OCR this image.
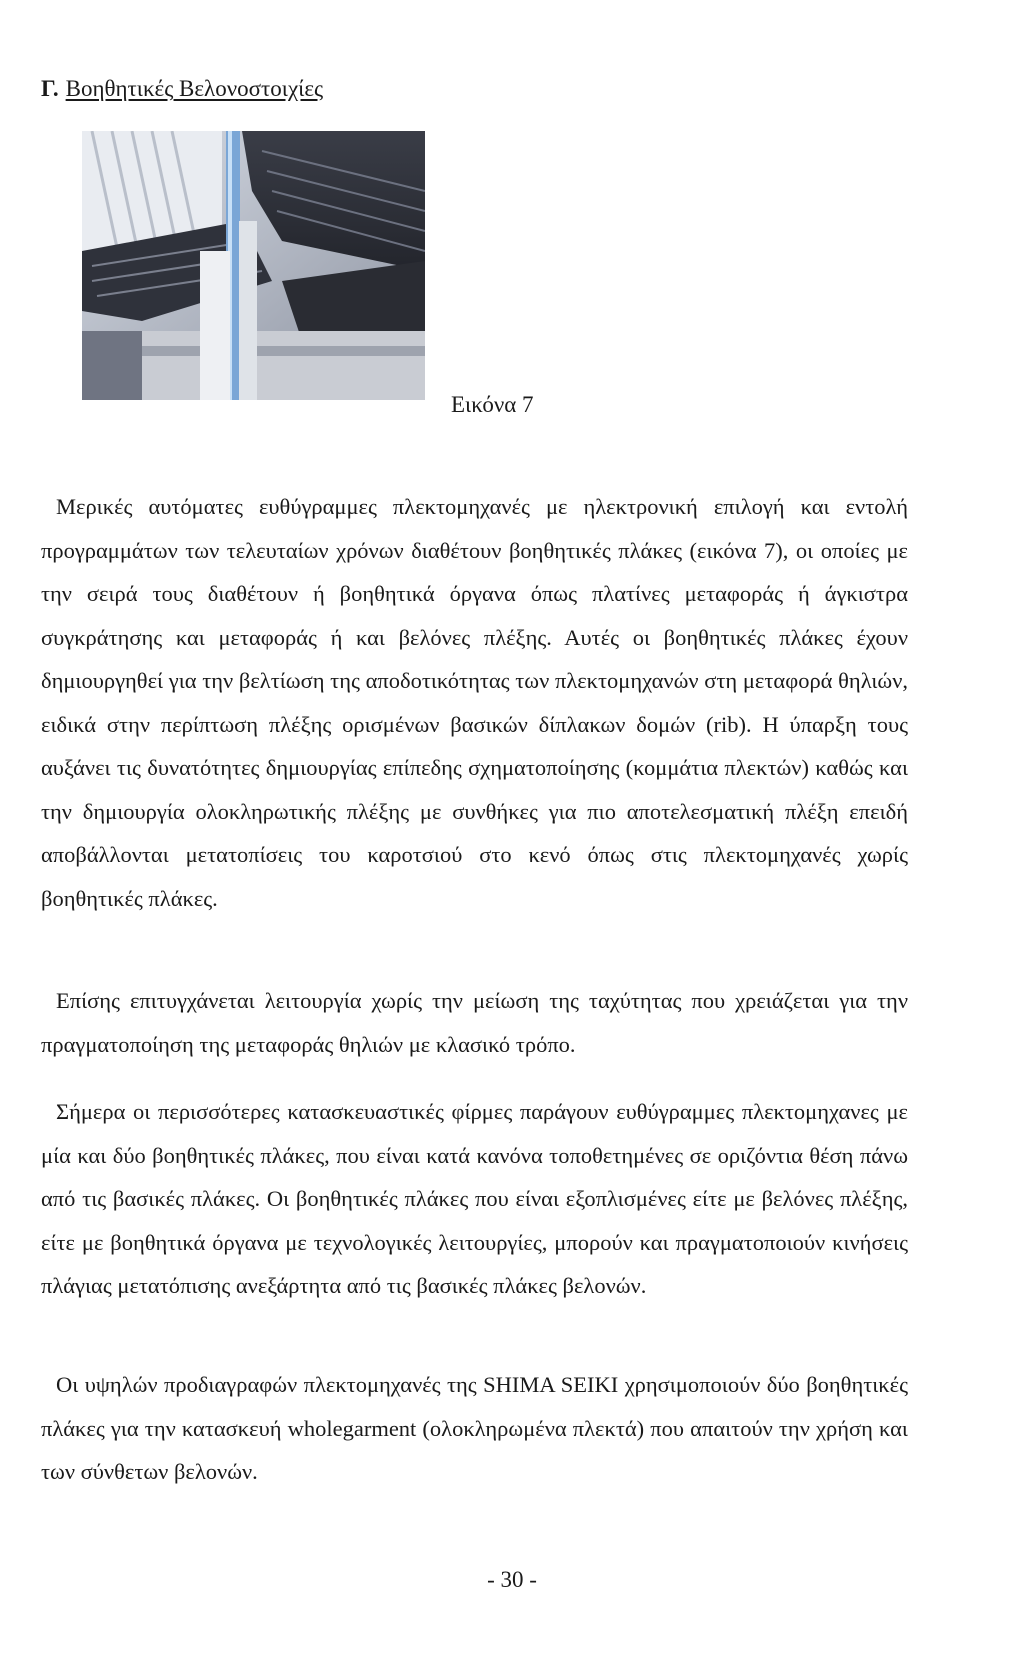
Γ. Βοηθητικές Βελονοστοιχίες
Εικόνα 7

Μερικές αυτόματες ευθύγραμμες πλεκτομηχανές με ηλεκτρονική επιλογή και εντολή προγραμμάτων των τελευταίων χρόνων διαθέτουν βοηθητικές πλάκες (εικόνα 7), οι οποίες με την σειρά τους διαθέτουν ή βοηθητικά όργανα όπως πλατίνες μεταφοράς ή άγκιστρα συγκράτησης και μεταφοράς ή και βελόνες πλέξης. Αυτές οι βοηθητικές πλάκες έχουν δημιουργηθεί για την βελτίωση της αποδοτικότητας των πλεκτομηχανών στη μεταφορά θηλιών, ειδικά στην περίπτωση πλέξης ορισμένων βασικών δίπλακων δομών (rib). Η ύπαρξη τους αυξάνει τις δυνατότητες δημιουργίας επίπεδης σχηματοποίησης (κομμάτια πλεκτών) καθώς και την δημιουργία ολοκληρωτικής πλέξης με συνθήκες για πιο αποτελεσματική πλέξη επειδή αποβάλλονται μετατοπίσεις του καροτσιού στο κενό όπως στις πλεκτομηχανές χωρίς βοηθητικές πλάκες.

Επίσης επιτυγχάνεται λειτουργία χωρίς την μείωση της ταχύτητας που χρειάζεται για την πραγματοποίηση της μεταφοράς θηλιών με κλασικό τρόπο.

Σήμερα οι περισσότερες κατασκευαστικές φίρμες παράγουν ευθύγραμμες πλεκτομηχανες με μία και δύο βοηθητικές πλάκες, που είναι κατά κανόνα τοποθετημένες σε οριζόντια θέση πάνω από τις βασικές πλάκες. Οι βοηθητικές πλάκες που είναι εξοπλισμένες είτε με βελόνες πλέξης, είτε με βοηθητικά όργανα με τεχνολογικές λειτουργίες, μπορούν και πραγματοποιούν κινήσεις πλάγιας μετατόπισης ανεξάρτητα από τις βασικές πλάκες βελονών.

Οι υψηλών προδιαγραφών πλεκτομηχανές της SHIMA SEIKI χρησιμοποιούν δύο βοηθητικές πλάκες για την κατασκευή wholegarment (ολοκληρωμένα πλεκτά) που απαιτούν την χρήση και των σύνθετων βελονών.

- 30 -
